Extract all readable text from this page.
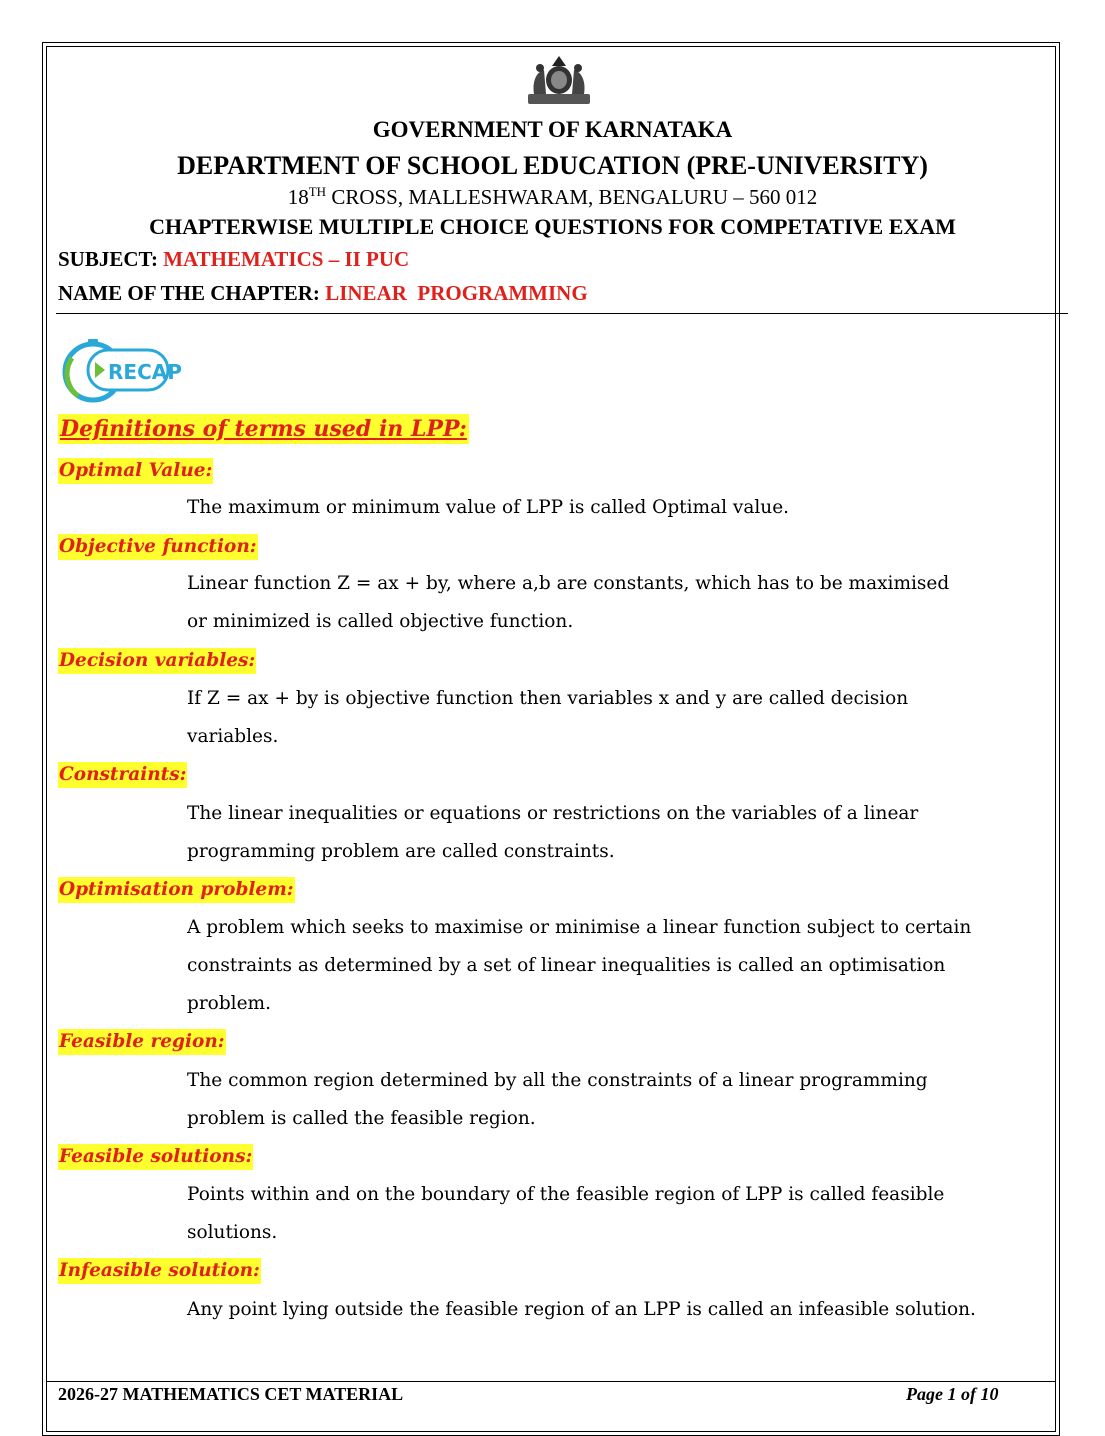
GOVERNMENT OF KARNATAKA
DEPARTMENT OF SCHOOL EDUCATION (PRE-UNIVERSITY)
18TH CROSS, MALLESHWARAM, BENGALURU – 560 012
CHAPTERWISE MULTIPLE CHOICE QUESTIONS FOR COMPETATIVE EXAM
SUBJECT: MATHEMATICS – II PUC
NAME OF THE CHAPTER: LINEAR  PROGRAMMING
RECAP
Definitions of terms used in LPP:
Optimal Value:
The maximum or minimum value of LPP is called Optimal value.
Objective function:
Linear function Z = ax + by, where a,b are constants, which has to be maximised
or minimized is called objective function.
Decision variables:
If Z = ax + by is objective function then variables x and y are called decision
variables.
Constraints:
The linear inequalities or equations or restrictions on the variables of a linear
programming problem are called constraints.
Optimisation problem:
A problem which seeks to maximise or minimise a linear function subject to certain
constraints as determined by a set of linear inequalities is called an optimisation
problem.
Feasible region:
The common region determined by all the constraints of a linear programming
problem is called the feasible region.
Feasible solutions:
Points within and on the boundary of the feasible region of LPP is called feasible
solutions.
Infeasible solution:
Any point lying outside the feasible region of an LPP is called an infeasible solution.
2026-27 MATHEMATICS CET MATERIAL	Page 1 of 10
